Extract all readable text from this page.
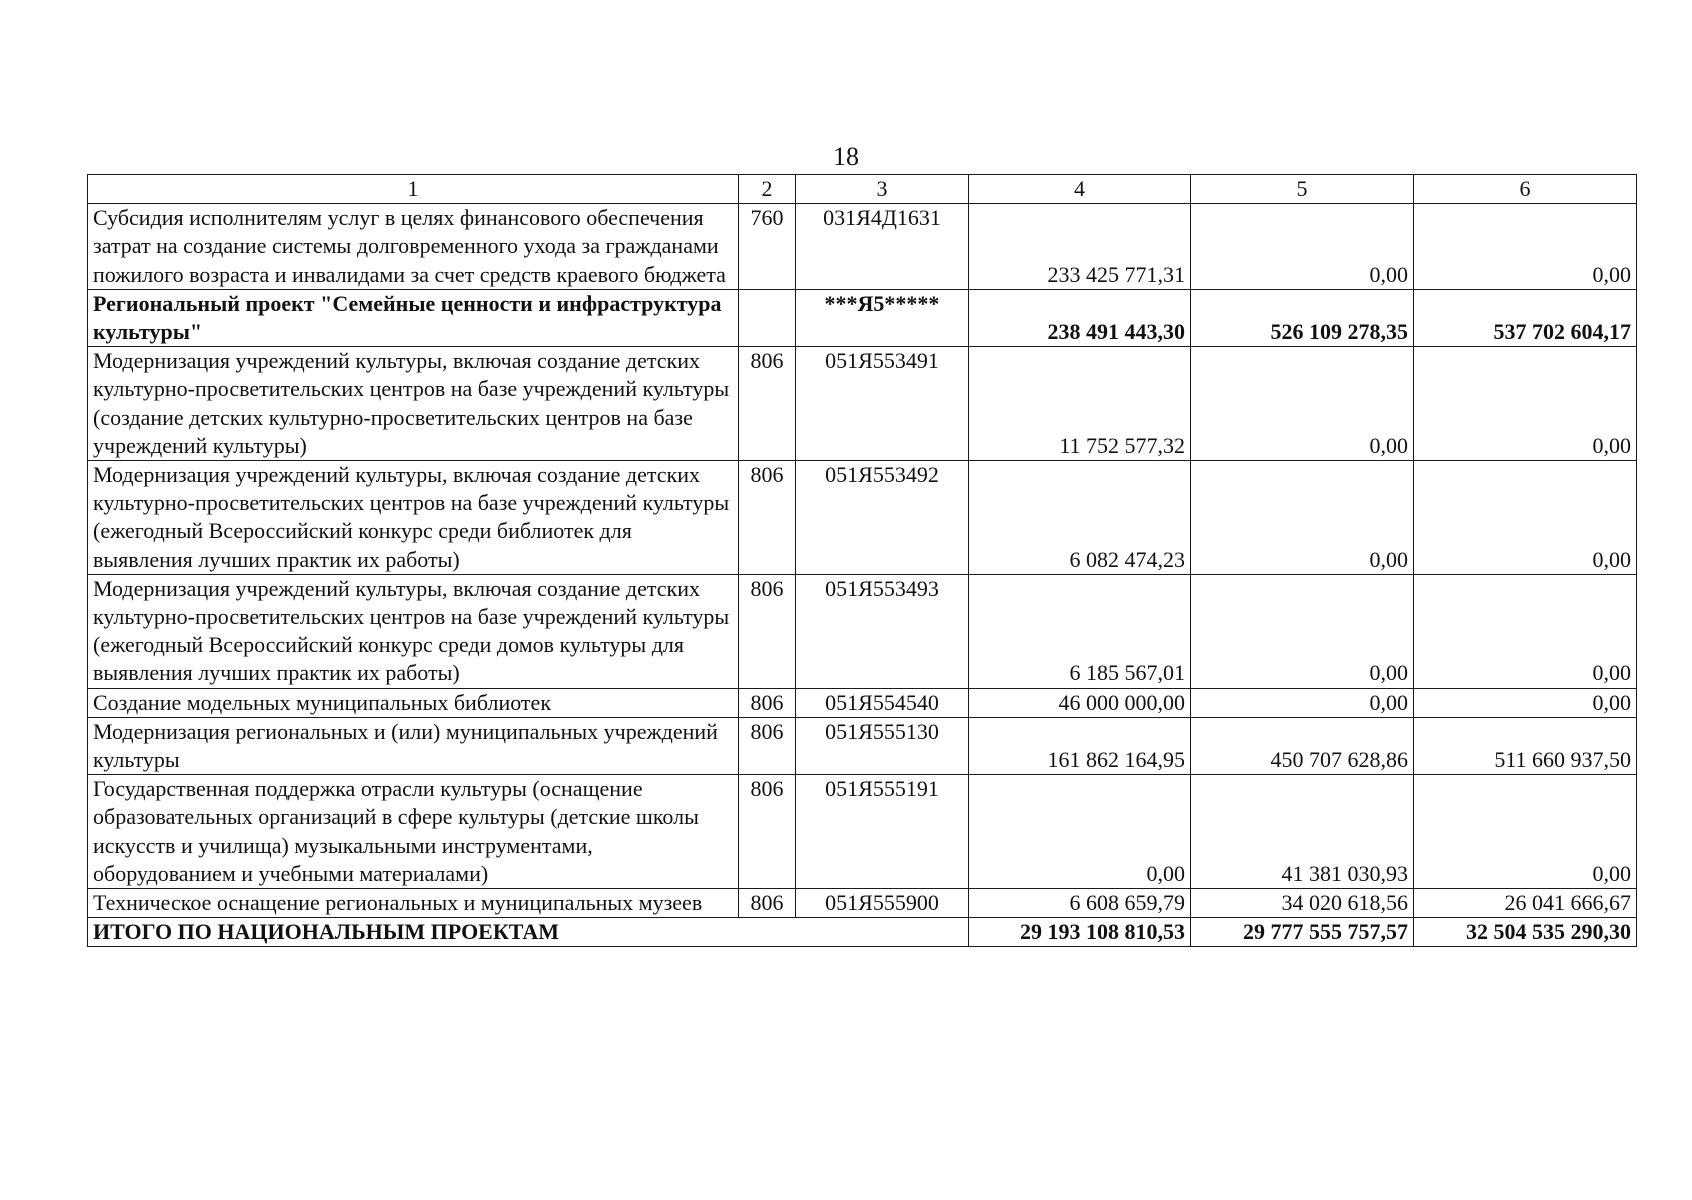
18
1	2	3	4	5	6
Субсидия исполнителям услуг в целях финансового обеспечения затрат на создание системы долговременного ухода за гражданами пожилого возраста и инвалидами за счет средств краевого бюджета	760	031Я4Д1631	233 425 771,31	0,00	0,00
Региональный проект "Семейные ценности и инфраструктура культуры"		***Я5*****	238 491 443,30	526 109 278,35	537 702 604,17
Модернизация учреждений культуры, включая создание детских культурно-просветительских центров на базе учреждений культуры (создание детских культурно-просветительских центров на базе учреждений культуры)	806	051Я553491	11 752 577,32	0,00	0,00
Модернизация учреждений культуры, включая создание детских культурно-просветительских центров на базе учреждений культуры (ежегодный Всероссийский конкурс среди библиотек для выявления лучших практик их работы)	806	051Я553492	6 082 474,23	0,00	0,00
Модернизация учреждений культуры, включая создание детских культурно-просветительских центров на базе учреждений культуры (ежегодный Всероссийский конкурс среди домов культуры для выявления лучших практик их работы)	806	051Я553493	6 185 567,01	0,00	0,00
Создание модельных муниципальных библиотек	806	051Я554540	46 000 000,00	0,00	0,00
Модернизация региональных и (или) муниципальных учреждений культуры	806	051Я555130	161 862 164,95	450 707 628,86	511 660 937,50
Государственная поддержка отрасли культуры (оснащение образовательных организаций в сфере культуры (детские школы искусств и училища) музыкальными инструментами, оборудованием и учебными материалами)	806	051Я555191	0,00	41 381 030,93	0,00
Техническое оснащение региональных и муниципальных музеев	806	051Я555900	6 608 659,79	34 020 618,56	26 041 666,67
ИТОГО ПО НАЦИОНАЛЬНЫМ ПРОЕКТАМ			29 193 108 810,53	29 777 555 757,57	32 504 535 290,30
